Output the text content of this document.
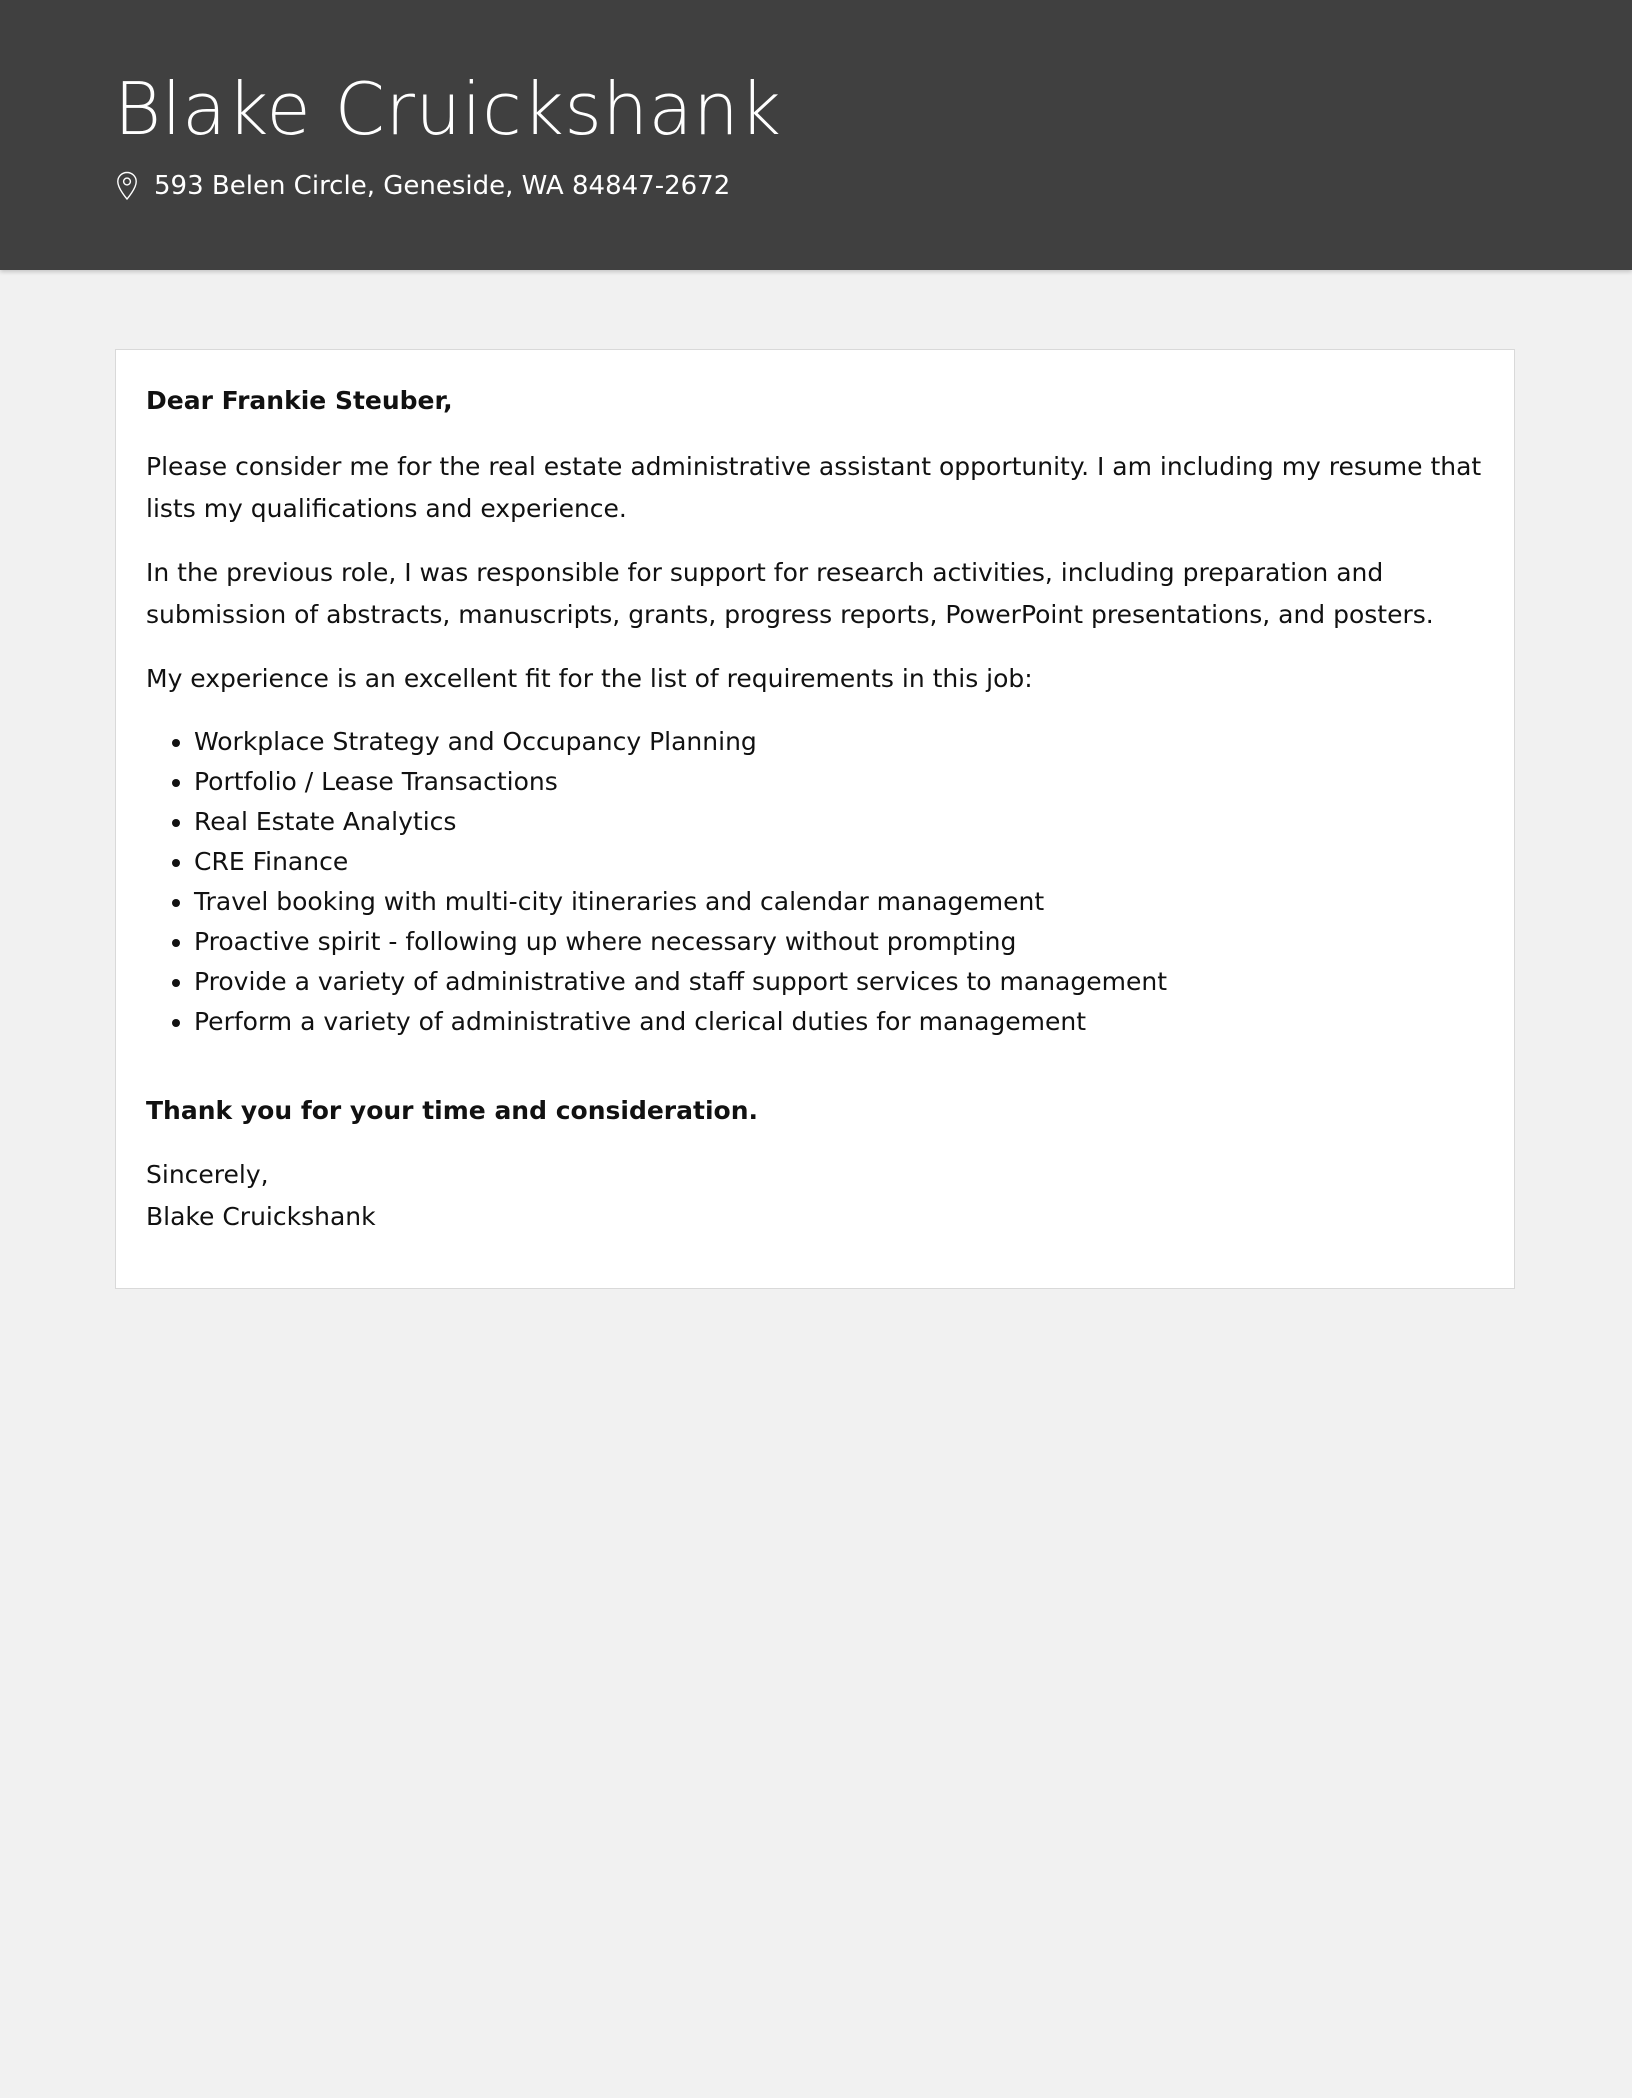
Blake Cruickshank
593 Belen Circle, Geneside, WA 84847-2672

Dear Frankie Steuber,

Please consider me for the real estate administrative assistant opportunity. I am including my resume that lists my qualifications and experience.

In the previous role, I was responsible for support for research activities, including preparation and submission of abstracts, manuscripts, grants, progress reports, PowerPoint presentations, and posters.

My experience is an excellent fit for the list of requirements in this job:

• Workplace Strategy and Occupancy Planning
• Portfolio / Lease Transactions
• Real Estate Analytics
• CRE Finance
• Travel booking with multi-city itineraries and calendar management
• Proactive spirit - following up where necessary without prompting
• Provide a variety of administrative and staff support services to management
• Perform a variety of administrative and clerical duties for management

Thank you for your time and consideration.

Sincerely,

Blake Cruickshank
